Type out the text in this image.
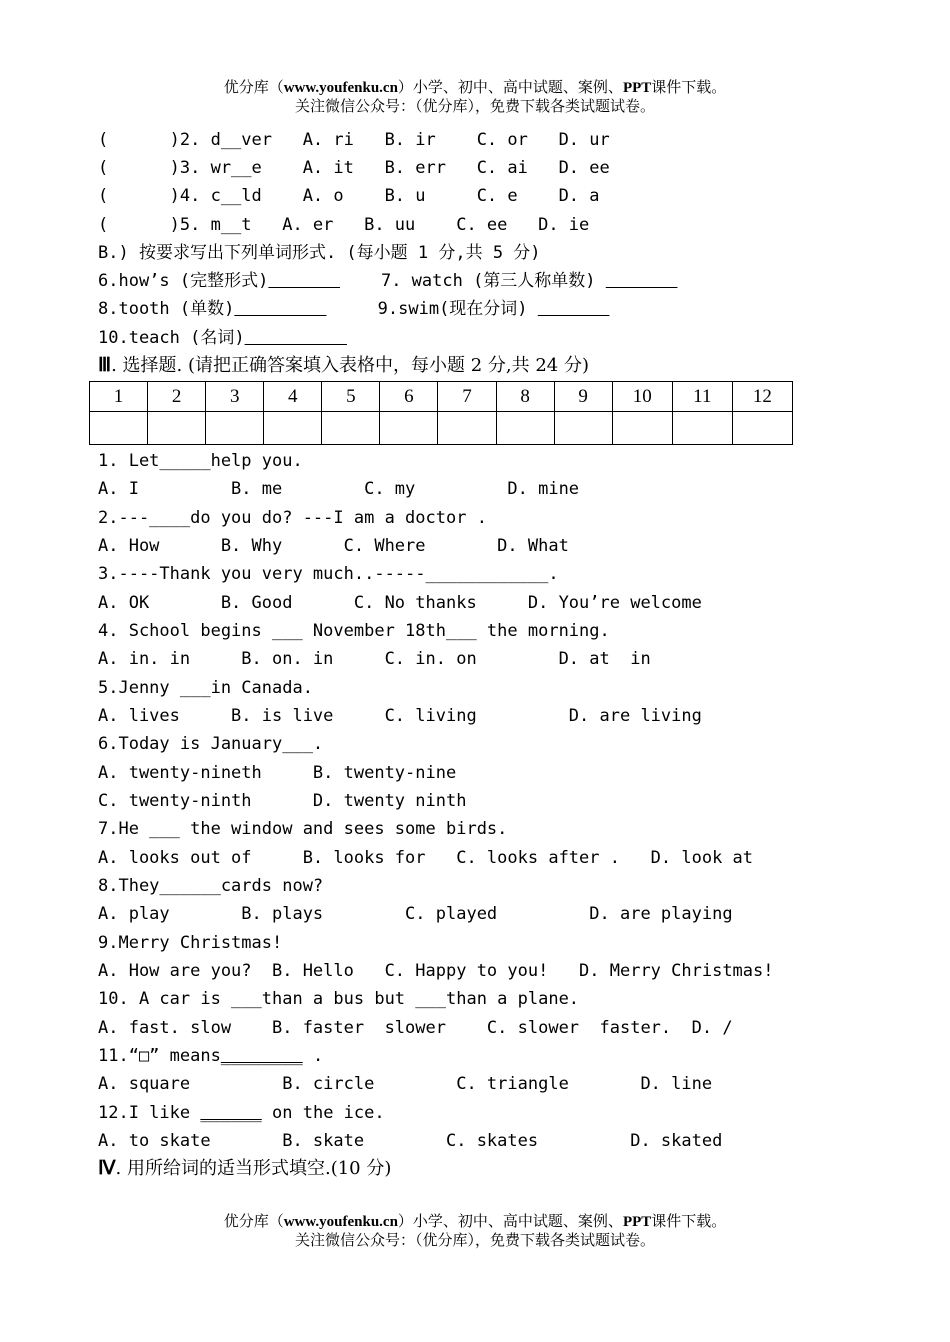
优分库（www.youfenku.cn）小学、初中、高中试题、案例、PPT课件下载。
关注微信公众号：（优分库），免费下载各类试题试卷。
(      )2. d__ver   A. ri   B. ir    C. or   D. ur
(      )3. wr__e    A. it   B. err   C. ai   D. ee
(      )4. c__ld    A. o    B. u     C. e    D. a
(      )5. m__t   A. er   B. uu    C. ee   D. ie
B.) 按要求写出下列单词形式. (每小题 1 分,共 5 分)
6.how’s (完整形式)	7. watch (第三人称单数)
8.tooth (单数)	9.swim(现在分词)
10.teach (名词)
Ⅲ. 选择题. (请把正确答案填入表格中，每小题 2 分,共 24 分)
1	2	3	4	5	6	7	8	9	10	11	12

1. Let_____help you.
A. I         B. me        C. my         D. mine
2.---____do you do? ---I am a doctor .
A. How      B. Why      C. Where       D. What
3.----Thank you very much..-----____________.
A. OK       B. Good      C. No thanks     D. You’re welcome
4. School begins ___ November 18th___ the morning.
A. in. in     B. on. in     C. in. on        D. at  in
5.Jenny ___in Canada.
A. lives     B. is live     C. living         D. are living
6.Today is January___.
A. twenty-nineth     B. twenty-nine
C. twenty-ninth      D. twenty ninth
7.He ___ the window and sees some birds.
A. looks out of     B. looks for   C. looks after .   D. look at
8.They______cards now?
A. play       B. plays        C. played         D. are playing
9.Merry Christmas!
A. How are you?  B. Hello   C. Happy to you!   D. Merry Christmas!
10. A car is ___than a bus but ___than a plane.
A. fast. slow    B. faster  slower    C. slower  faster.  D. /
11.“□” means________ .
A. square         B. circle        C. triangle       D. line
12.I like ______ on the ice.
A. to skate       B. skate        C. skates         D. skated
Ⅳ. 用所给词的适当形式填空.(10 分)
优分库（www.youfenku.cn）小学、初中、高中试题、案例、PPT课件下载。
关注微信公众号：（优分库），免费下载各类试题试卷。
